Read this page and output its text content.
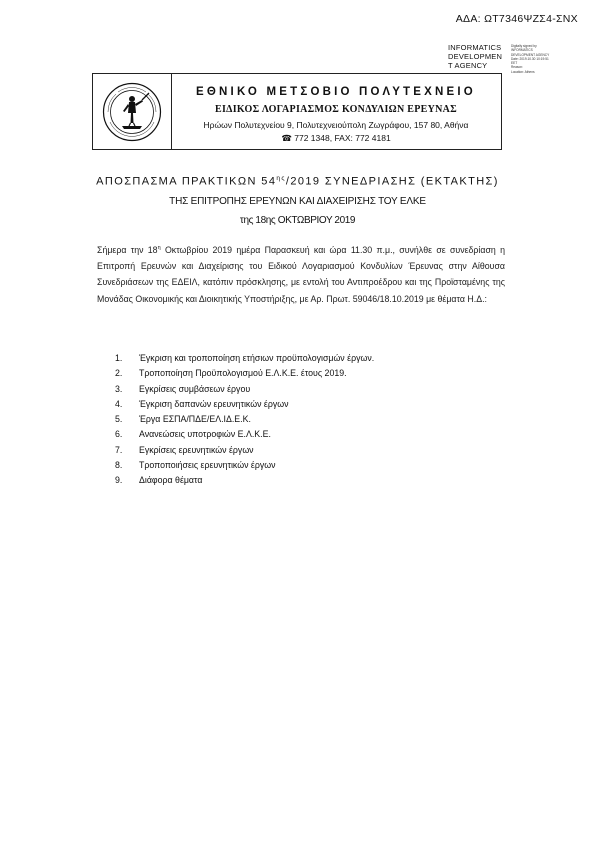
ΑΔΑ: ΩΤ7346ΨΖΣ4-ΣΝΧ
INFORMATICS
DEVELOPMEN
T AGENCY
Digitally signed by
INFORMATICS
DEVELOPMENT AGENCY
Date: 2019.10.30 10:19:51
EET
Reason:
Location: Athens
ΕΘΝΙΚΟ ΜΕΤΣΟΒΙΟ ΠΟΛΥΤΕΧΝΕΙΟ
ΕΙΔΙΚΟΣ ΛΟΓΑΡΙΑΣΜΟΣ ΚΟΝΔΥΛΙΩΝ ΕΡΕΥΝΑΣ
Ηρώων Πολυτεχνείου 9, Πολυτεχνειούπολη Ζωγράφου, 157 80, Αθήνα
☎ 772 1348, FAX: 772 4181
ΑΠΟΣΠΑΣΜΑ ΠΡΑΚΤΙΚΩΝ $54^{\eta\varsigma}/2019$ ΣΥΝΕΔΡΙΑΣΗΣ (ΕΚΤΑΚΤΗΣ)
ΤΗΣ ΕΠΙΤΡΟΠΗΣ ΕΡΕΥΝΩΝ ΚΑΙ ΔΙΑΧΕΙΡΙΣΗΣ ΤΟΥ ΕΛΚΕ
της 18ης ΟΚΤΩΒΡΙΟΥ 2019
Σήμερα την $18^\eta$ Οκτωβρίου 2019 ημέρα Παρασκευή και ώρα 11.30 π.μ., συνήλθε σε συνεδρίαση η Επιτροπή Ερευνών και Διαχείρισης του Ειδικού Λογαριασμού Κονδυλίων Έρευνας στην Αίθουσα Συνεδριάσεων της ΕΔΕΙΛ, κατόπιν πρόσκλησης, με εντολή του Αντιπροέδρου και της Προϊσταμένης της Μονάδας Οικονομικής και Διοικητικής Υποστήριξης, με Αρ. Πρωτ. 59046/18.10.2019 με θέματα Η.Δ.:
1. Έγκριση και τροποποίηση ετήσιων προϋπολογισμών έργων.
2. Τροποποίηση Προϋπολογισμού Ε.Λ.Κ.Ε. έτους 2019.
3. Εγκρίσεις συμβάσεων έργου
4. Έγκριση δαπανών ερευνητικών έργων
5. Έργα ΕΣΠΑ/ΠΔΕ/ΕΛ.ΙΔ.Ε.Κ.
6. Ανανεώσεις υποτροφιών Ε.Λ.Κ.Ε.
7. Εγκρίσεις ερευνητικών έργων
8. Τροποποιήσεις ερευνητικών έργων
9. Διάφορα θέματα
